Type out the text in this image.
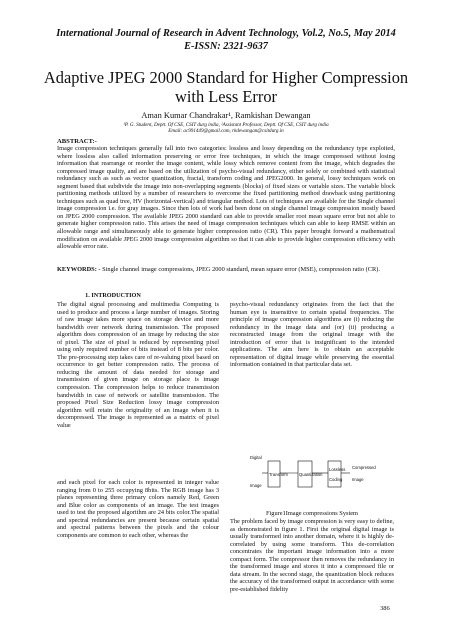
International Journal of Research in Advent Technology, Vol.2, No.5, May 2014
E-ISSN: 2321-9637
Adaptive JPEG 2000 Standard for Higher Compression
with Less Error
Aman Kumar Chandrakar¹, Ramkishan Dewangan
¹P. G. Student, Deptt. Of CSE, CSIT durg india, ²Assistant Professor, Deptt. Of CSE, CSIT durg india
Email: ac991449@gmail.com, rkdewangan@csitdurg.in
ABSTRACT:-

Image compression techniques generally fall into two categories: lossless and lossy depending on the redundancy type exploited, where lossless also called information preserving or error free techniques, in which the image compressed without losing information that rearrange or reorder the image content, while lossy which remove content from the image, which degrades the compressed image quality, and are based on the utilization of psycho-visual redundancy, either solely or combined with statistical redundancy such as such as vector quantization, fractal, transform coding and JPEG2000. In general, lossy techniques work on segment based that subdivide the image into non-overlapping segments (blocks) of fixed sizes or variable sizes. The variable block partitioning methods utilized by a number of researchers to overcome the fixed partitioning method drawback using partitioning techniques such as quad tree, HV (horizontal-vertical) and triangular method. Lots of techniques are available for the Single channel image compression i.e. for gray images. Since then lots of work had been done on single channel image compression mostly based on JPEG 2000 compression. The available JPEG 2000 standard can able to provide smaller root mean square error but not able to generate higher compression ratio. This arises the need of image compression techniques which can able to keep RMSE within an allowable range and simultaneously able to generate higher compression ratio (CR). This paper brought forward a mathematical modification on available JPEG 2000 image compression algorithm so that it can able to provide higher compression efficiency with allowable error rate.

KEYWORDS: - Single channel image compressions, JPEG 2000 standard, mean square error (MSE), compression ratio (CR).

1. INTRODUCTION

The digital signal processing and multimedia Computing is used to produce and process a large number of images. Storing of raw image takes more space on storage device and more bandwidth over network during transmission. The proposed algorithm does compression of an image by reducing the size of pixel. The size of pixel is reduced by representing pixel using only required number of bits instead of 8 bits per color. The pre-processing step takes care of re-valuing pixel based on occurrence to get better compression ratio. The process of reducing the amount of data needed for storage and transmission of given image on storage place is image compression. The compression helps to reduce transmission bandwidth in case of network or satellite transmission. The proposed Pixel Size Reduction lossy image compression algorithm will retain the originality of an image when it is decompressed. The image is represented as a matrix of pixel value

and each pixel for each color is represented in integer value ranging from 0 to 255 occupying 8bits. The RGB image has 3 planes representing three primary colors namely Red, Green and Blue color as components of an image. The test images used to test the proposed algorithm are 24 bits color.The spatial and spectral redundancies are present because certain spatial and spectral patterns between the pixels and the colour components are common to each other, whereas the

psycho-visual redundancy originates from the fact that the human eye is insensitive to certain spatial frequencies. The principle of image compression algorithms are (i) reducing the redundancy in the image data and (or) (ii) producing a reconstructed image from the original image with the introduction of error that is insignificant to the intended applications. The aim here is to obtain an acceptable representation of digital image while preserving the essential information contained in that particular data set.

Digital
Image
Transform	Quantization
Lossless
Coding
Compressed
Image
Figure1Image compressions System

The problem faced by image compression is very easy to define, as demonstrated in figure 1. First the original digital image is usually transformed into another domain, where it is highly de-correlated by using some transform. This de-correlation concentrates the important image information into a more compact form. The compressor then removes the redundancy in the transformed image and stores it into a compressed file or data stream. In the second stage, the quantization block reduces the accuracy of the transformed output in accordance with some pre-established fidelity

386
